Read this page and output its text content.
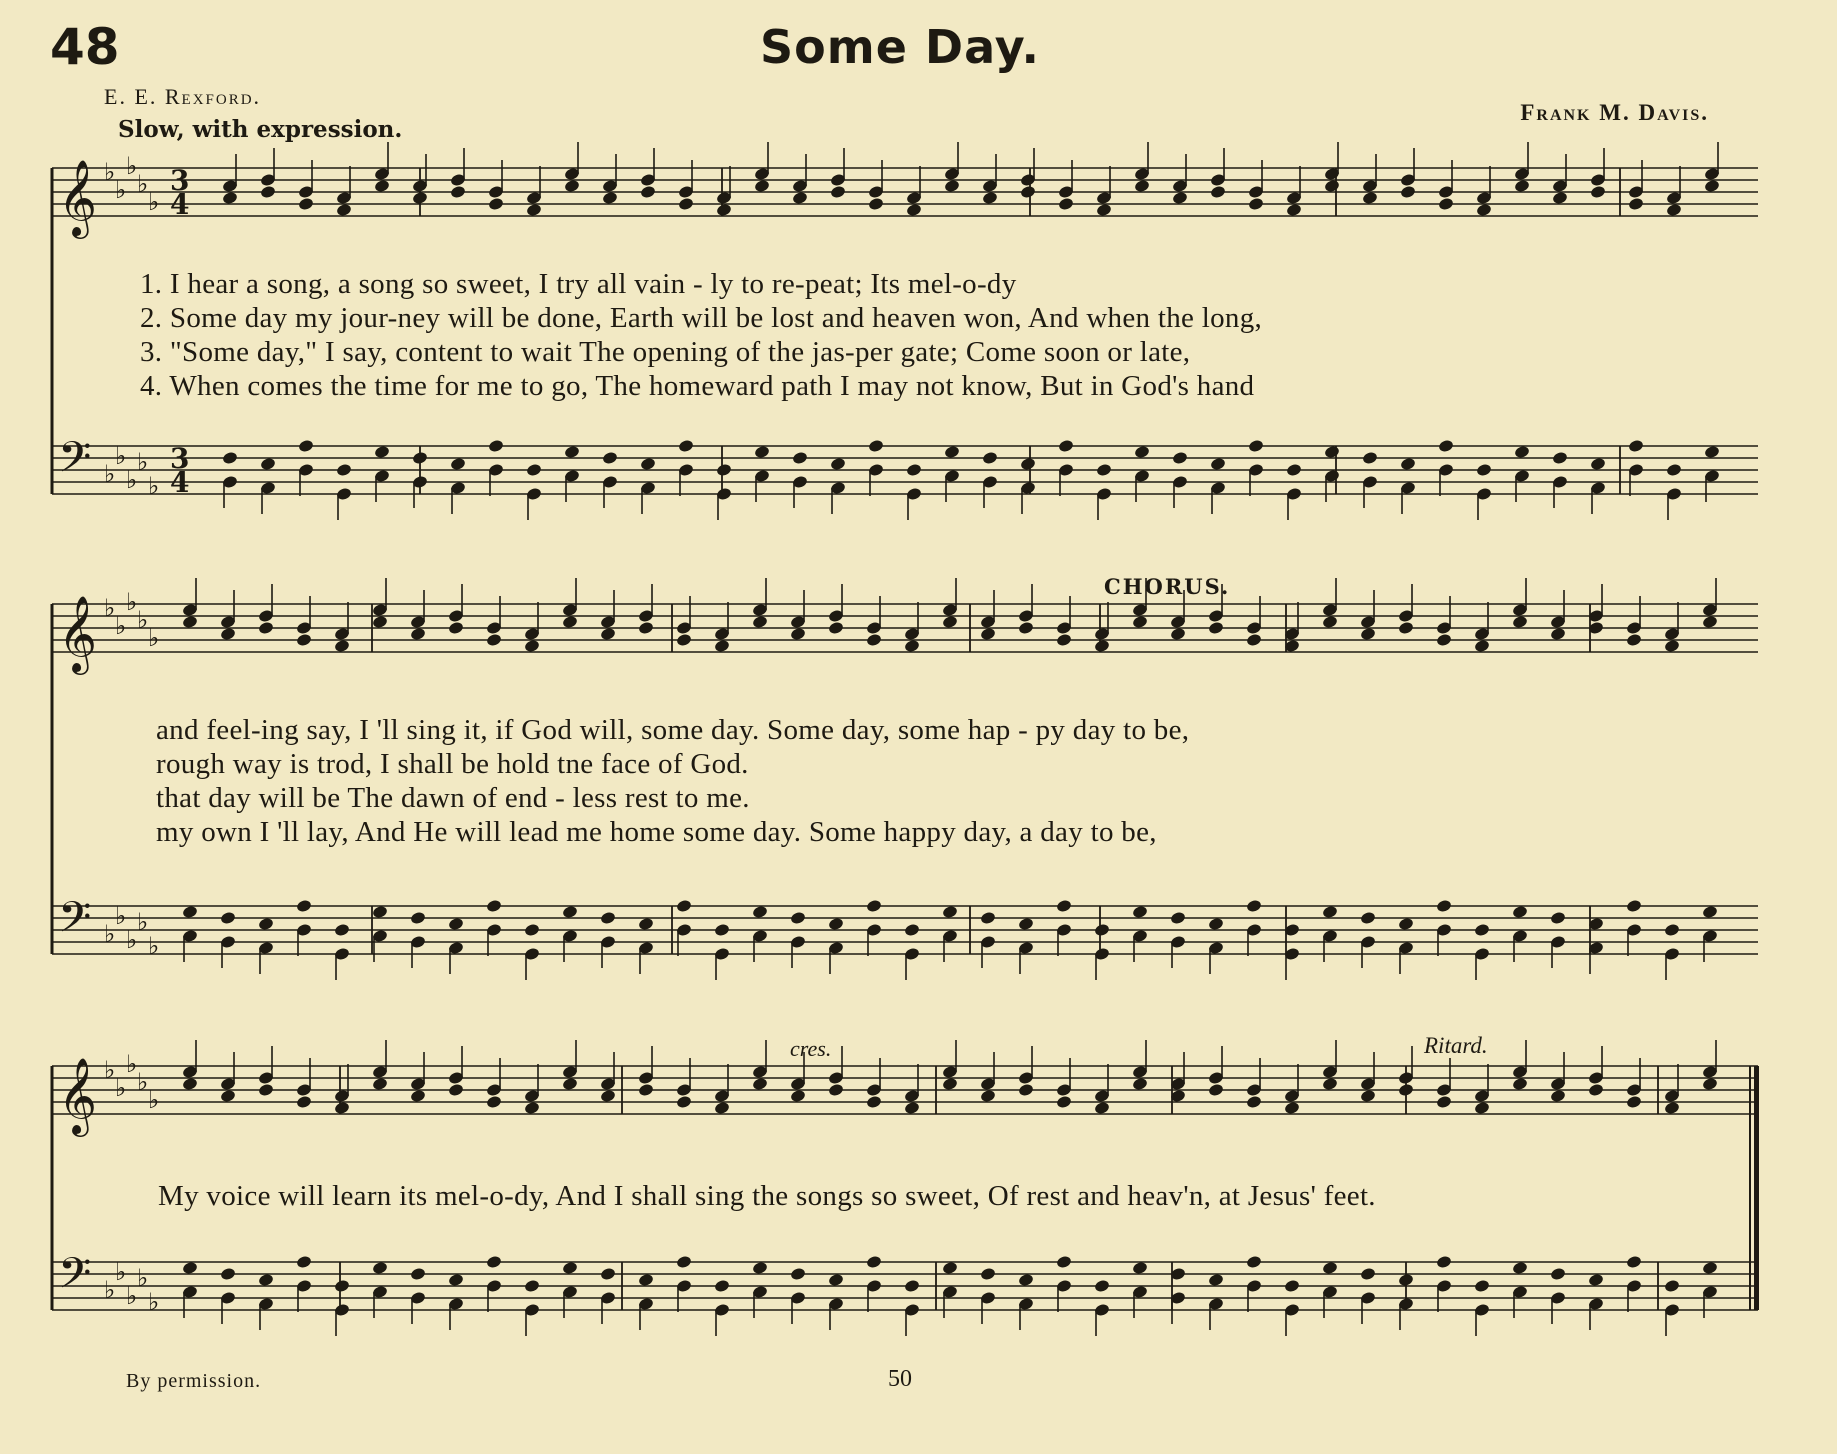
48	Some Day.
E. E. Rexford.
Frank M. Davis.
Slow, with expression.
𝄞 ♭
♭
♭
♭
♭
3
4
𝄢 ♭
♭
♭
♭
♭
3
4
𝄞 ♭
♭
♭
♭
♭
𝄢 ♭
♭
♭
♭
♭
𝄞 ♭
♭
♭
♭
♭
𝄢 ♭
♭
♭
♭
♭
CHORUS.
cres.	Ritard.
1. I hear a song, a song so sweet, I try all vain - ly to re-peat; Its mel-o-dy
2. Some day my jour-ney will be done, Earth will be lost and heaven won, And when the long,
3. "Some day," I say, content to wait The opening of the jas-per gate; Come soon or late,
4. When comes the time for me to go, The homeward path I may not know, But in God's hand
and feel-ing say, I 'll sing it, if God will, some day. Some day, some hap - py day to be,
rough way is trod, I shall be hold tne face of God.
that day will be The dawn of end - less rest to me.
my own I 'll lay, And He will lead me home some day. Some happy day, a day to be,
My voice will learn its mel-o-dy, And I shall sing the songs so sweet, Of rest and heav'n, at Jesus' feet.
By permission.	50
